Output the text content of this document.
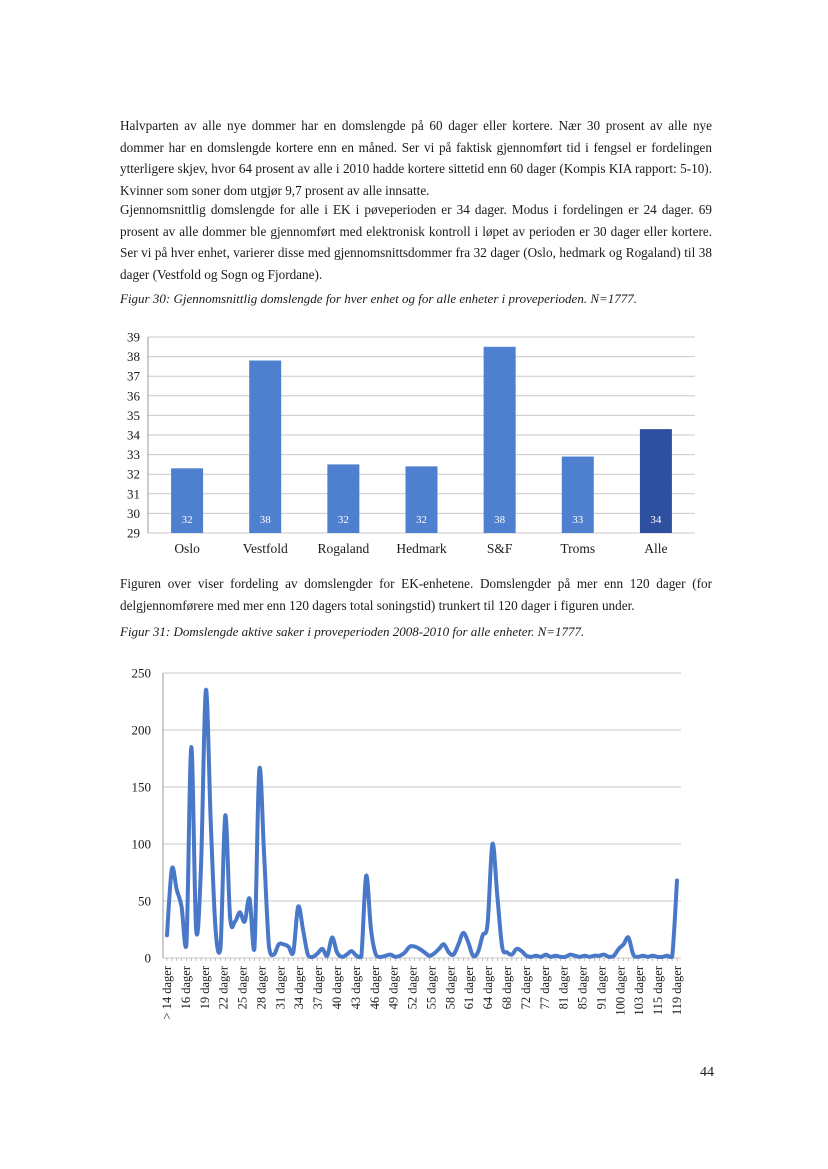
Halvparten av alle nye dommer har en domslengde på 60 dager eller kortere. Nær 30 prosent av alle nye dommer har en domslengde kortere enn en måned. Ser vi på faktisk gjennomført tid i fengsel er fordelingen ytterligere skjev, hvor 64 prosent av alle i 2010 hadde kortere sittetid enn 60 dager (Kompis KIA rapport: 5-10). Kvinner som soner dom utgjør 9,7 prosent av alle innsatte.

Gjennomsnittlig domslengde for alle i EK i pøveperioden er 34 dager. Modus i fordelingen er 24 dager. 69 prosent av alle dommer ble gjennomført med elektronisk kontroll i løpet av perioden er 30 dager eller kortere. Ser vi på hver enhet, varierer disse med gjennomsnittsdommer fra 32 dager (Oslo, hedmark og Rogaland) til 38 dager (Vestfold og Sogn og Fjordane).

Figur 30: Gjennomsnittlig domslengde for hver enhet og for alle enheter i proveperioden. N=1777.

29
30
31
32
33
34
35
36
37
38
39
32
Oslo
38
Vestfold
32
Rogaland
32
Hedmark
38
S&F
33
Troms
34
Alle

Figuren over viser fordeling av domslengder for EK-enhetene. Domslengder på mer enn 120 dager (for delgjennomførere med mer enn 120 dagers total soningstid) trunkert til 120 dager i figuren under.

Figur 31: Domslengde aktive saker i proveperioden 2008-2010 for alle enheter. N=1777.

0
50
100
150
200
250
> 14 dager 16 dager 19 dager 22 dager 25 dager 28 dager 31 dager 34 dager 37 dager 40 dager 43 dager 46 dager 49 dager 52 dager 55 dager 58 dager 61 dager 64 dager 68 dager 72 dager 77 dager 81 dager 85 dager 91 dager 100 dager 103 dager 115 dager 119 dager

44
